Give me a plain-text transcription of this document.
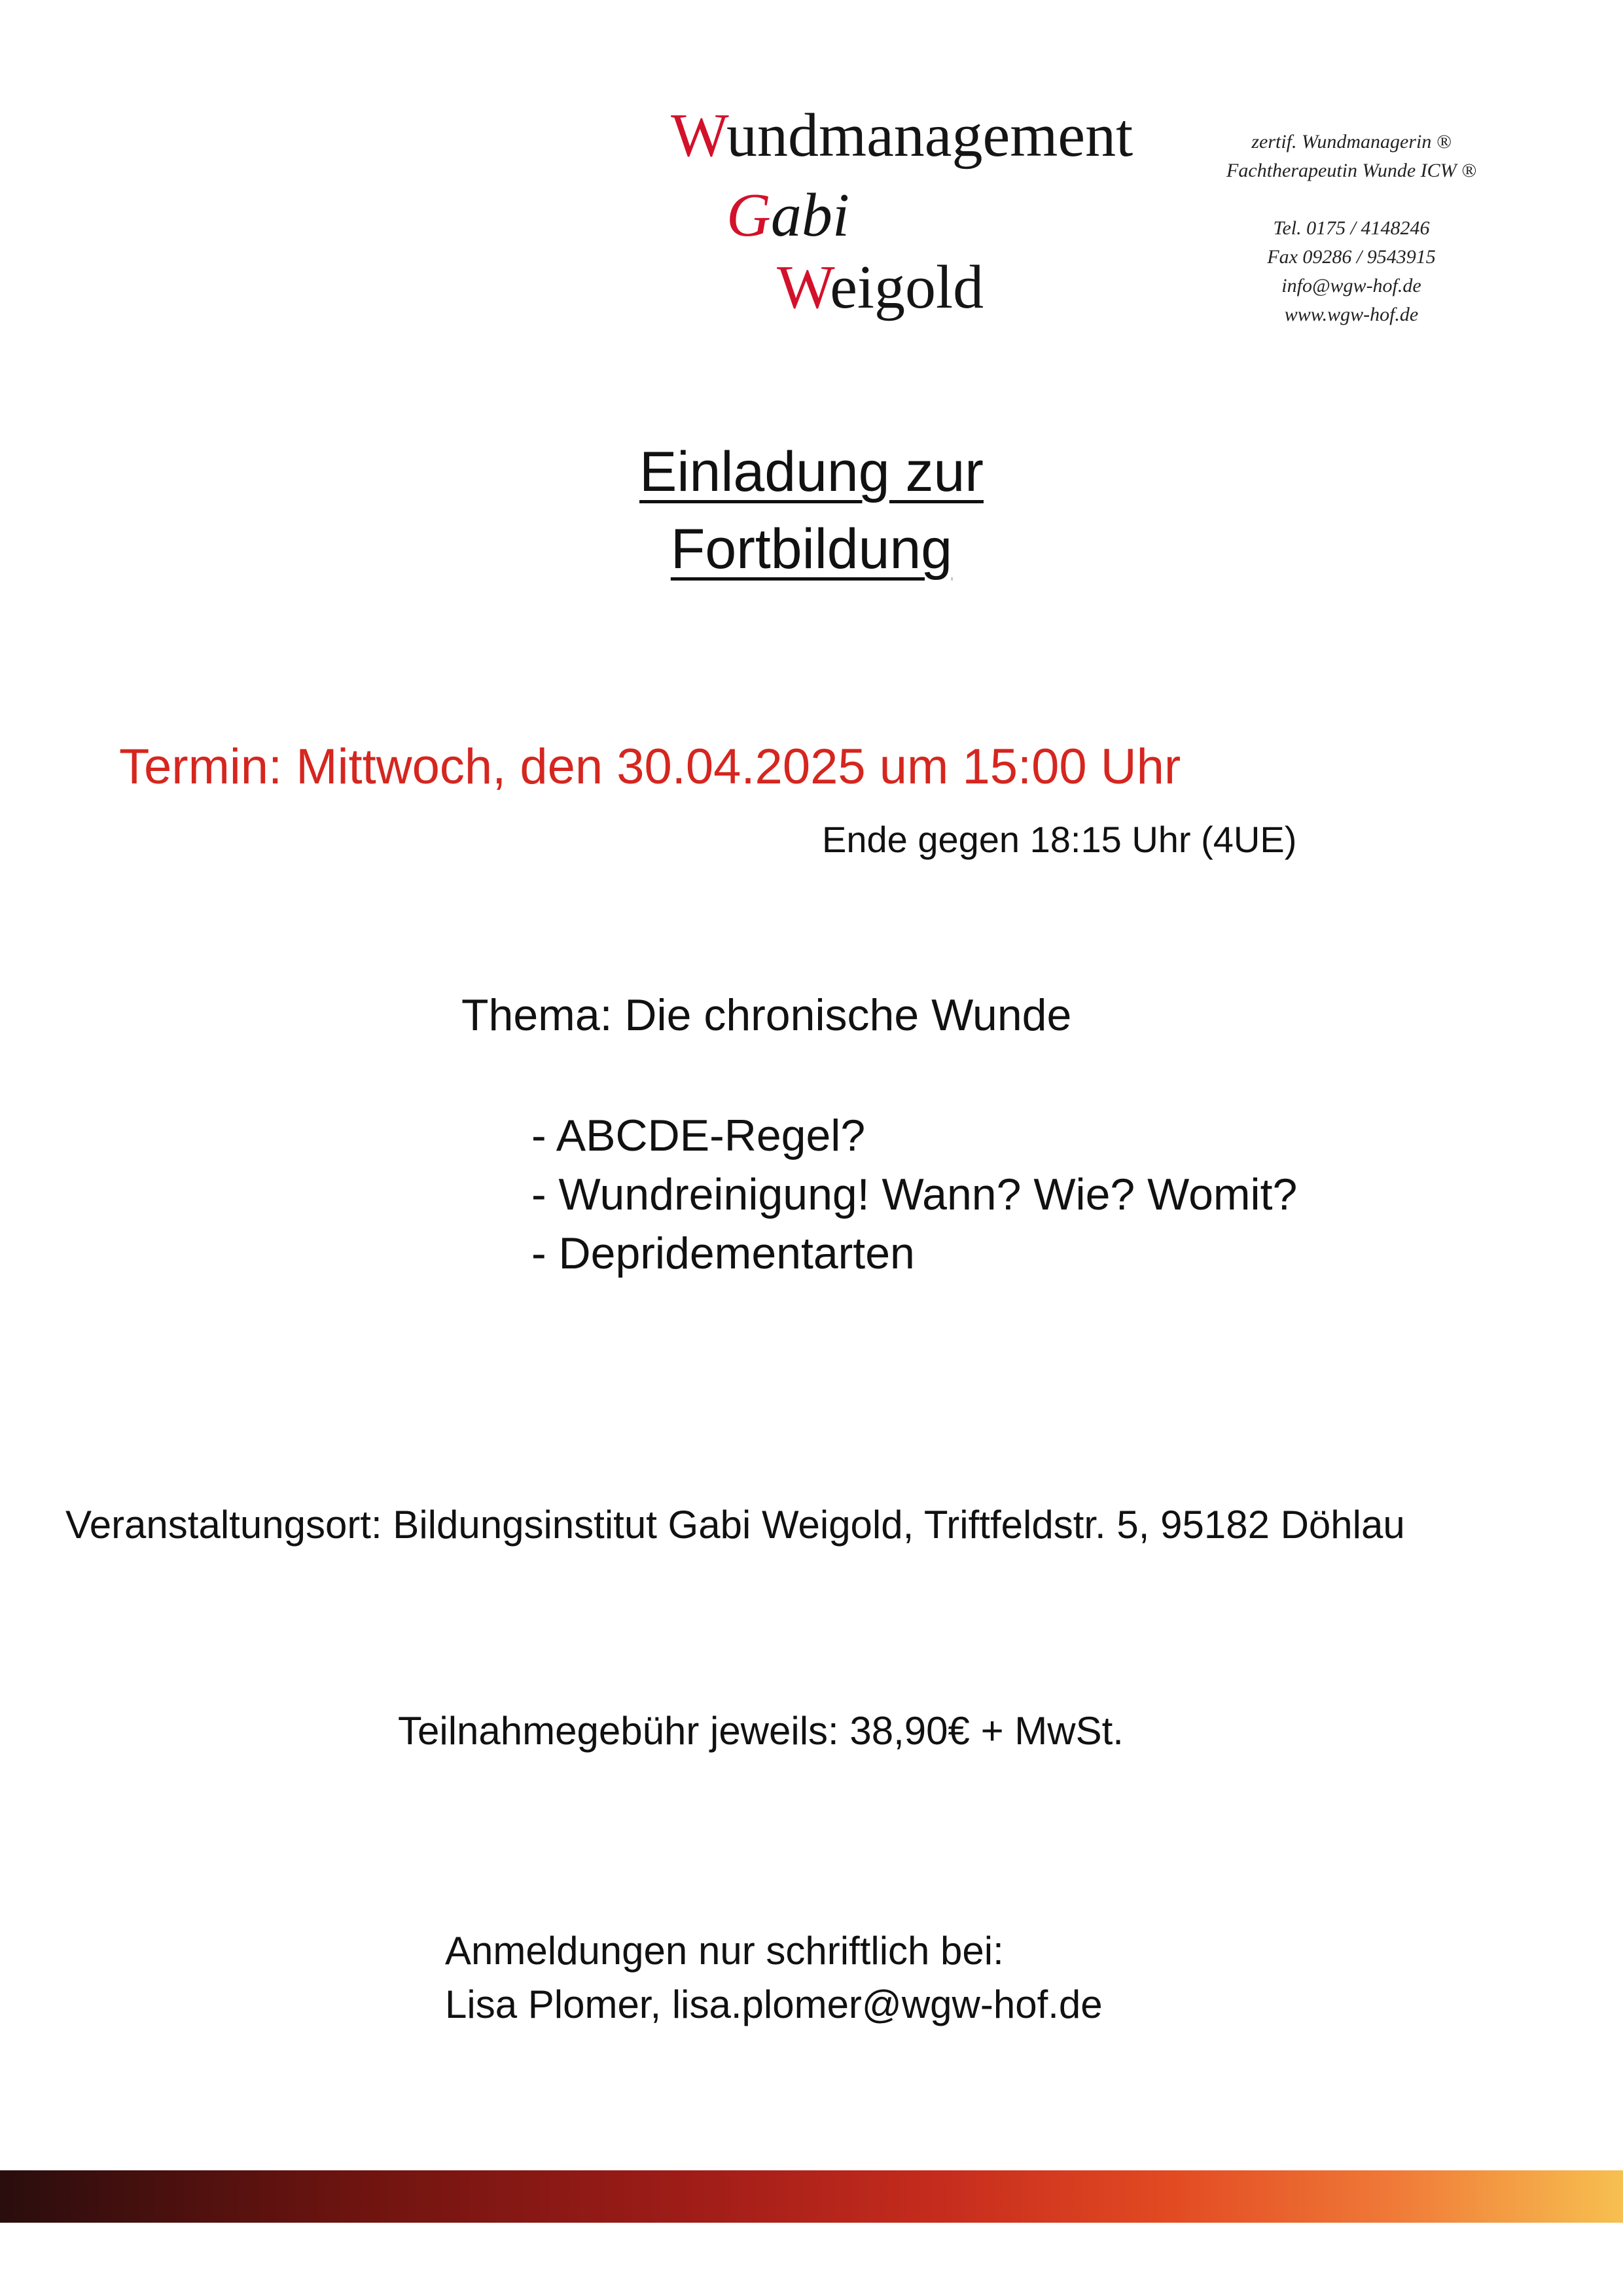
Wundmanagement
Gabi
Weigold
zertif. Wundmanagerin ®
Fachtherapeutin Wunde ICW ®
Tel. 0175 / 4148246
Fax 09286 / 9543915
info@wgw-hof.de
www.wgw-hof.de
Einladung zur
Fortbildung
Termin: Mittwoch, den 30.04.2025 um 15:00 Uhr
Ende gegen 18:15 Uhr (4UE)
Thema: Die chronische Wunde
- ABCDE-Regel?
- Wundreinigung! Wann? Wie? Womit?
- Depridementarten
Veranstaltungsort: Bildungsinstitut Gabi Weigold, Triftfeldstr. 5, 95182 Döhlau
Teilnahmegebühr jeweils: 38,90€ + MwSt.
Anmeldungen nur schriftlich bei:
Lisa Plomer, lisa.plomer@wgw-hof.de
